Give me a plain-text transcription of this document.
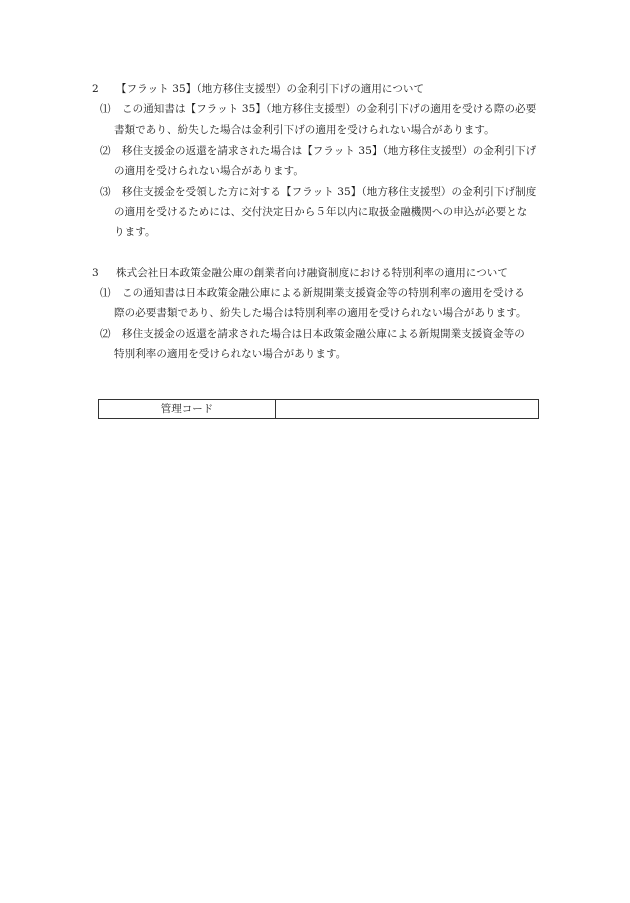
2 【フラット 35】（地方移住支援型）の金利引下げの適用について
⑴ この通知書は【フラット 35】（地方移住支援型）の金利引下げの適用を受ける際の必要
書類であり、紛失した場合は金利引下げの適用を受けられない場合があります。
⑵ 移住支援金の返還を請求された場合は【フラット 35】（地方移住支援型）の金利引下げ
の適用を受けられない場合があります。
⑶ 移住支援金を受領した方に対する【フラット 35】（地方移住支援型）の金利引下げ制度
の適用を受けるためには、交付決定日から５年以内に取扱金融機関への申込が必要とな
ります。
3 株式会社日本政策金融公庫の創業者向け融資制度における特別利率の適用について
⑴ この通知書は日本政策金融公庫による新規開業支援資金等の特別利率の適用を受ける
際の必要書類であり、紛失した場合は特別利率の適用を受けられない場合があります。
⑵ 移住支援金の返還を請求された場合は日本政策金融公庫による新規開業支援資金等の
特別利率の適用を受けられない場合があります。
管理コード
